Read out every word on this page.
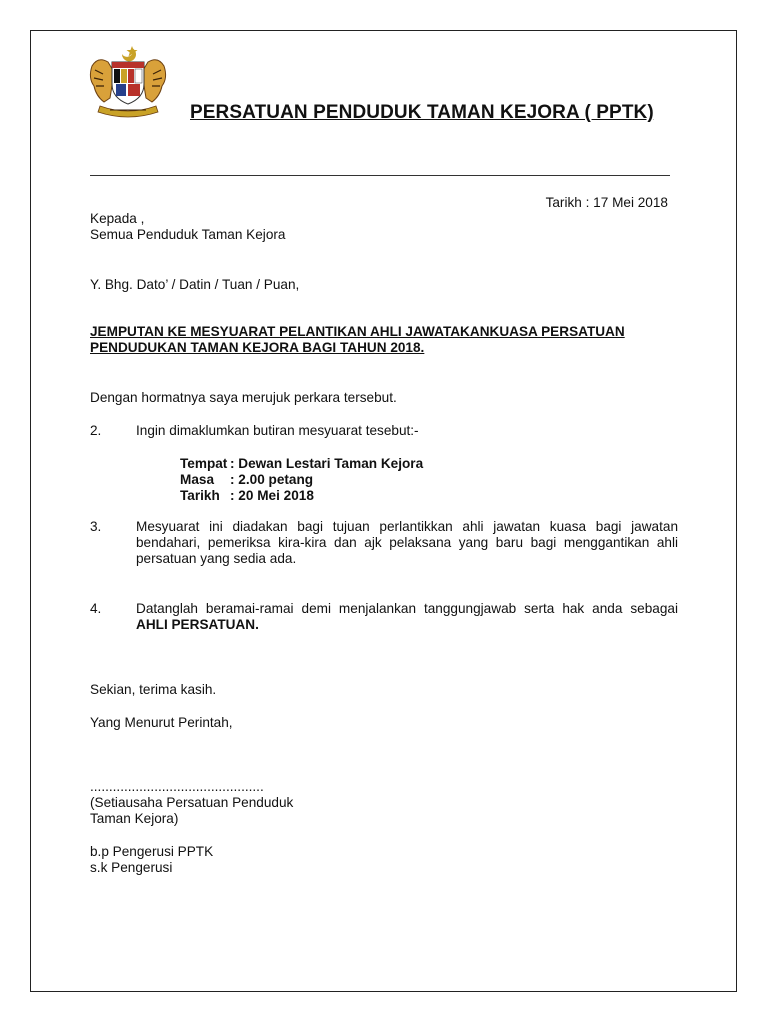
PERSATUAN PENDUDUK TAMAN KEJORA ( PPTK)
Tarikh : 17 Mei 2018
Kepada ,
Semua Penduduk Taman Kejora
Y. Bhg. Dato’ / Datin / Tuan / Puan,
JEMPUTAN KE MESYUARAT PELANTIKAN AHLI JAWATAKANKUASA PERSATUAN
PENDUDUKAN TAMAN KEJORA BAGI TAHUN 2018.
Dengan hormatnya saya merujuk perkara tersebut.
2.	Ingin dimaklumkan butiran mesyuarat tesebut:-
Tempat : Dewan Lestari Taman Kejora
Masa	: 2.00 petang
Tarikh : 20 Mei 2018
3.	Mesyuarat ini diadakan bagi tujuan perlantikkan ahli jawatan kuasa bagi jawatan bendahari, pemeriksa kira-kira dan ajk pelaksana yang baru bagi menggantikan ahli persatuan yang sedia ada.
4.	Datanglah beramai-ramai demi menjalankan tanggungjawab serta hak anda sebagai AHLI PERSATUAN.
Sekian, terima kasih.
Yang Menurut Perintah,
..............................................
(Setiausaha Persatuan Penduduk
Taman Kejora)
b.p Pengerusi PPTK
s.k Pengerusi
